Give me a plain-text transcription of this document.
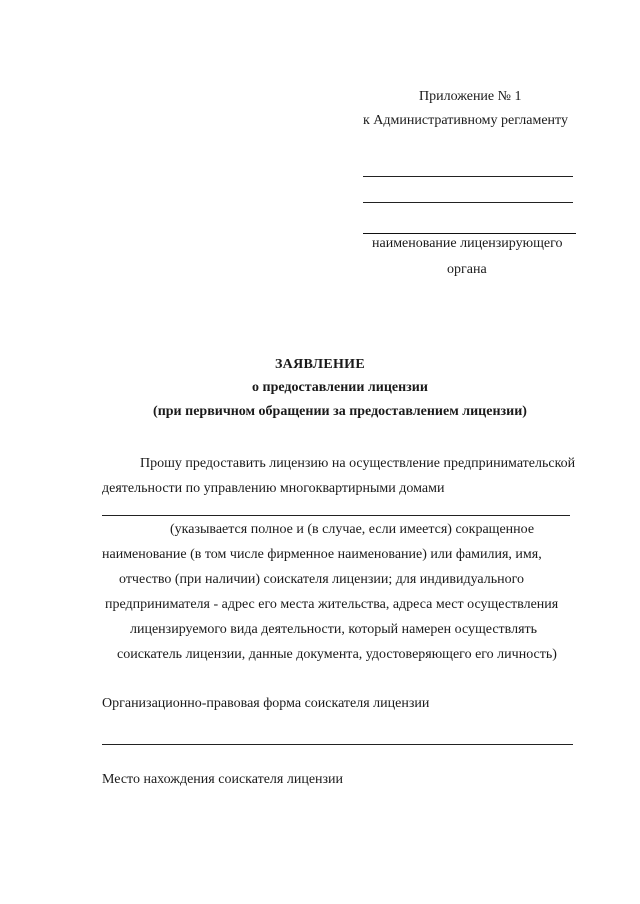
Приложение № 1
к Административному регламенту
наименование лицензирующего
органа
ЗАЯВЛЕНИЕ
о предоставлении лицензии
(при первичном обращении за предоставлением лицензии)
Прошу предоставить лицензию на осуществление предпринимательской
деятельности по управлению многоквартирными домами
(указывается полное и (в случае, если имеется) сокращенное
наименование (в том числе фирменное наименование) или фамилия, имя,
отчество (при наличии) соискателя лицензии; для индивидуального
предпринимателя - адрес его места жительства, адреса мест осуществления
лицензируемого вида деятельности, который намерен осуществлять
соискатель лицензии, данные документа, удостоверяющего его личность)
Организационно-правовая форма соискателя лицензии
Место нахождения соискателя лицензии
